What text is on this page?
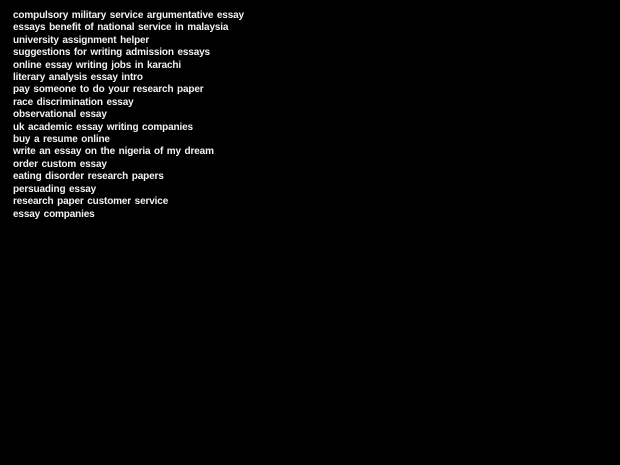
compulsory military service argumentative essay
essays benefit of national service in malaysia
university assignment helper
suggestions for writing admission essays
online essay writing jobs in karachi
literary analysis essay intro
pay someone to do your research paper
race discrimination essay
observational essay
uk academic essay writing companies
buy a resume online
write an essay on the nigeria of my dream
order custom essay
eating disorder research papers
persuading essay
research paper customer service
essay companies
